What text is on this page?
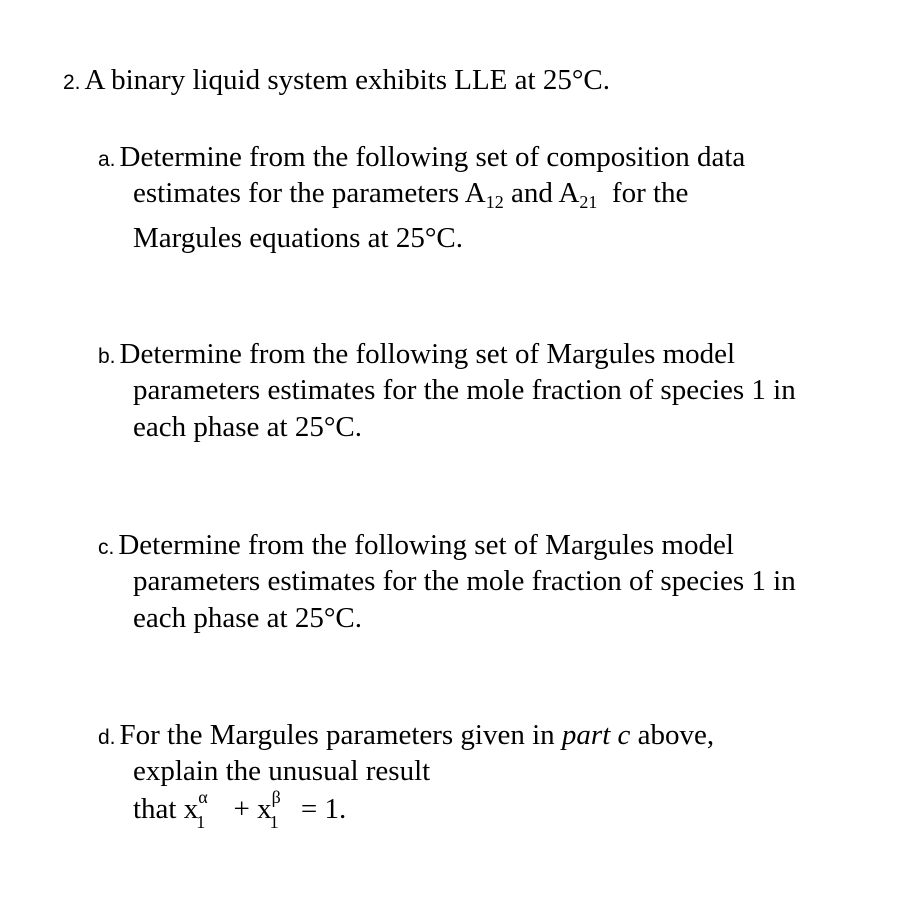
2. A binary liquid system exhibits LLE at 25°C.
a. Determine from the following set of composition data
estimates for the parameters $A_{12}$ and $A_{21}$  for the
Margules equations at 25°C.
b. Determine from the following set of Margules model
parameters estimates for the mole fraction of species 1 in
each phase at 25°C.
c. Determine from the following set of Margules model
parameters estimates for the mole fraction of species 1 in
each phase at 25°C.
d. For the Margules parameters given in part c above,
explain the unusual result
that x α
1 + x β
1 = 1.
